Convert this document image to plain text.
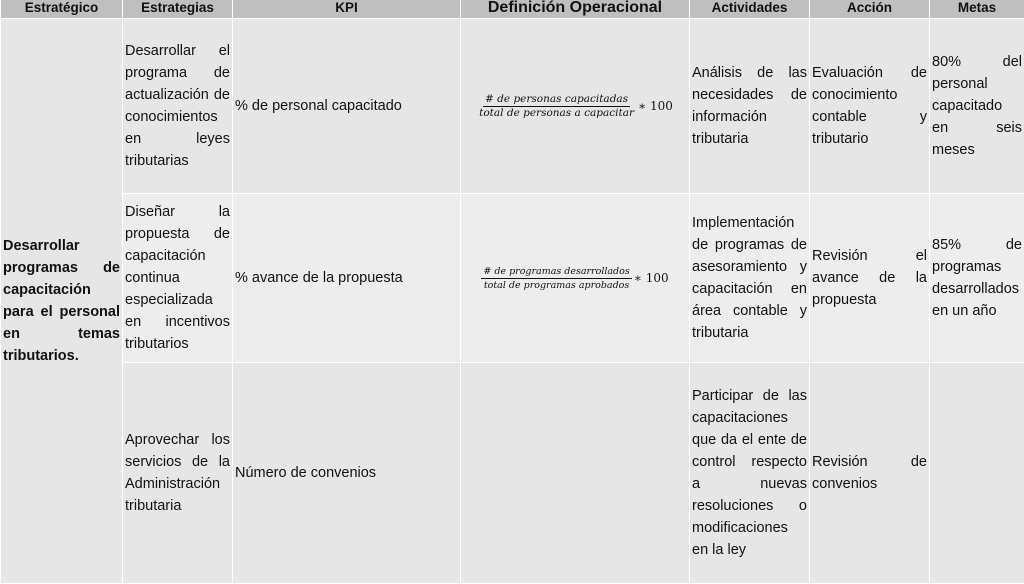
Estratégico	Estrategias	KPI	Definición Operacional	Actividades	Acción	Metas
Desarrollar programas de capacitación para el personal en temas tributarios.	Desarrollar el programa de actualización de conocimientos en leyes tributarias	% de personal capacitado	$\frac{\text{\# de personas capacitadas}}{\text{total de personas a capacitar}}$ ∗ 100	Análisis de las necesidades de información tributaria	Evaluación de conocimiento contable y tributario	80% del personal capacitado en seis meses
	Diseñar la propuesta de capacitación continua especializada en incentivos tributarios	% avance de la propuesta	$\frac{\text{\# de programas desarrollados}}{\text{total de programas aprobados}}$ ∗ 100	Implementación de programas de asesoramiento y capacitación en área contable y tributaria	Revisión el avance de la propuesta	85% de programas desarrollados en un año
	Aprovechar los servicios de la Administración tributaria	Número de convenios		Participar de las capacitaciones que da el ente de control respecto a nuevas resoluciones o modificaciones en la ley	Revisión de convenios	
